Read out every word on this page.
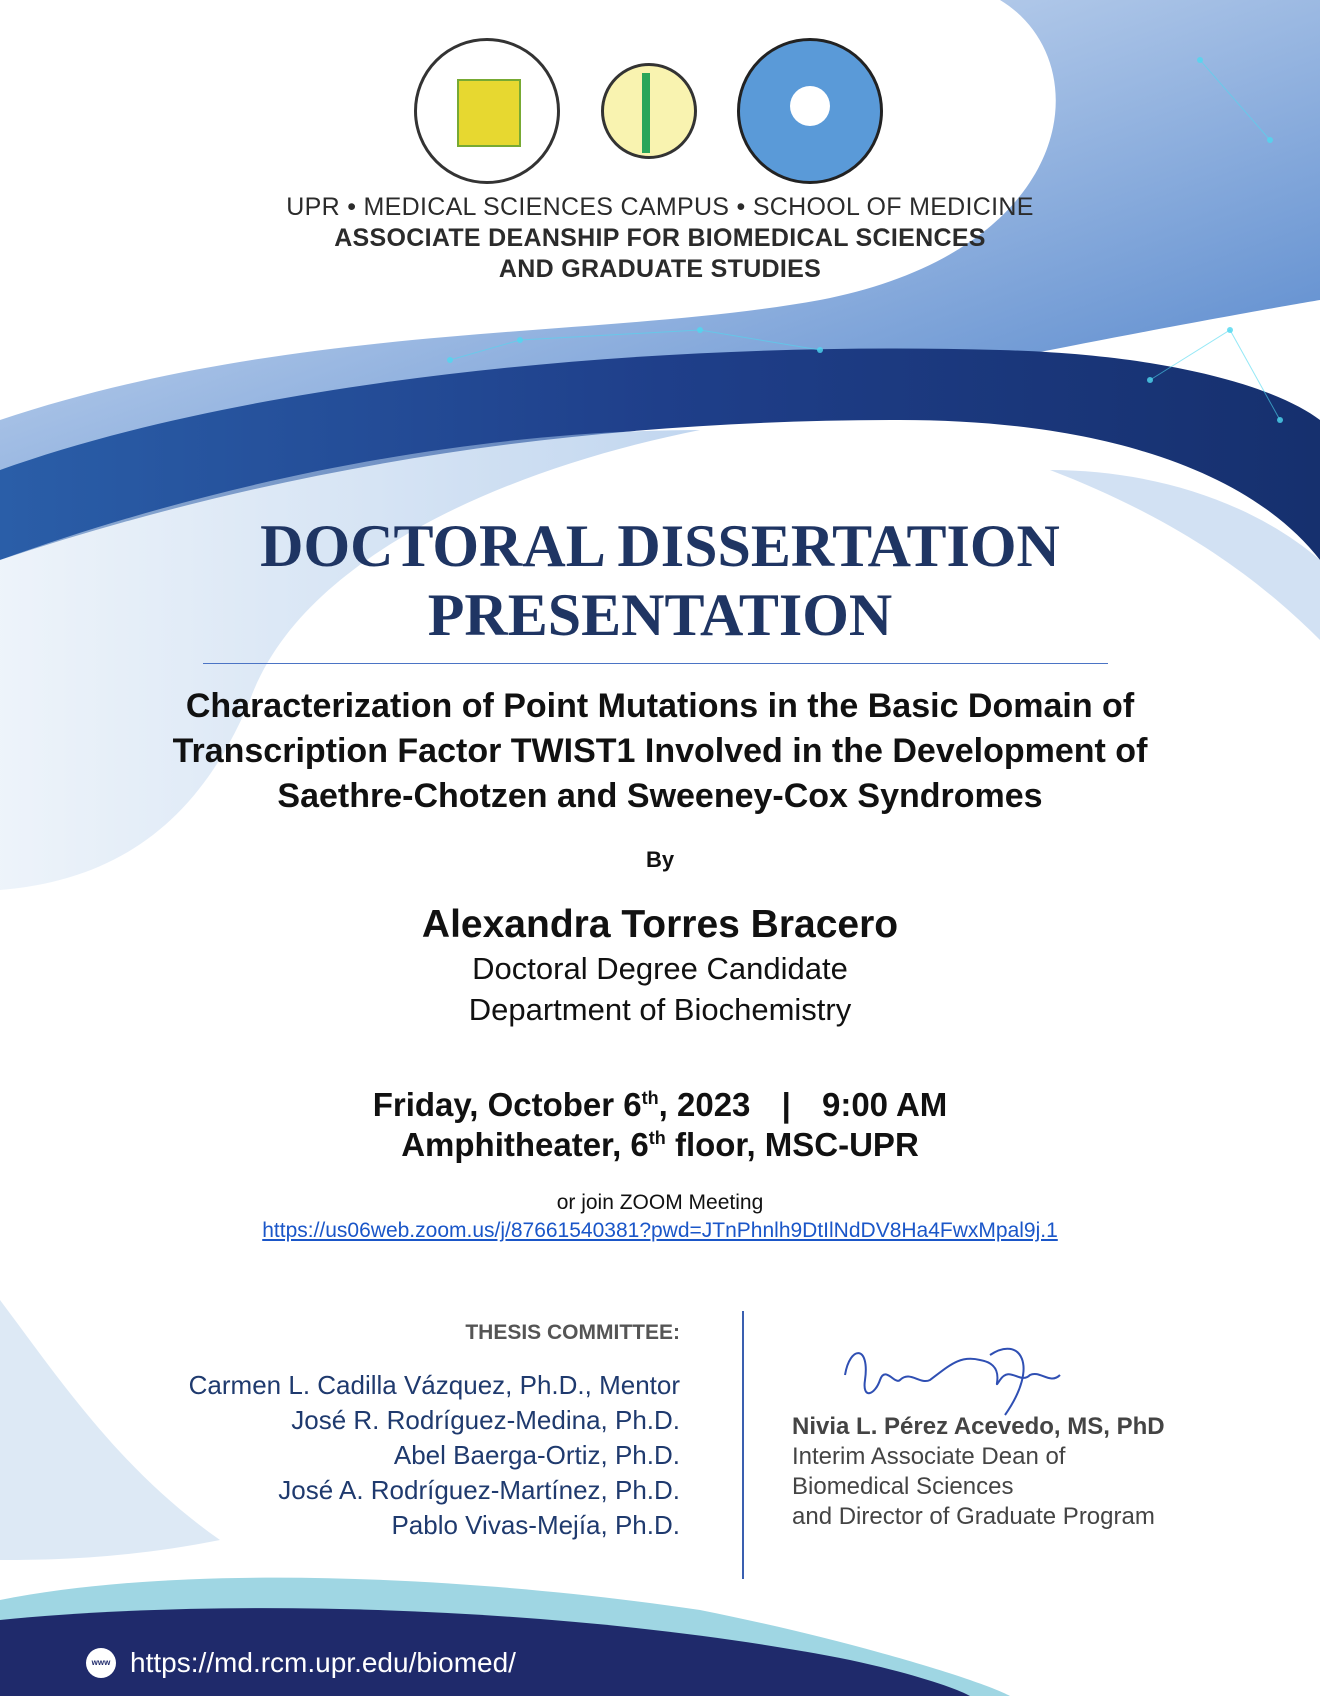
UPR • MEDICAL SCIENCES CAMPUS • SCHOOL OF MEDICINE
ASSOCIATE DEANSHIP FOR BIOMEDICAL SCIENCES
AND GRADUATE STUDIES
DOCTORAL DISSERTATION
PRESENTATION
Characterization of Point Mutations in the Basic Domain of
Transcription Factor TWIST1 Involved in the Development of
Saethre-Chotzen and Sweeney-Cox Syndromes
By
Alexandra Torres Bracero
Doctoral Degree Candidate
Department of Biochemistry
Friday, October 6th, 2023 | 9:00 AM
Amphitheater, 6th floor, MSC-UPR
or join ZOOM Meeting
https://us06web.zoom.us/j/87661540381?pwd=JTnPhnlh9DtIlNdDV8Ha4FwxMpal9j.1
THESIS COMMITTEE:
Carmen L. Cadilla Vázquez, Ph.D., Mentor
José R. Rodríguez-Medina, Ph.D.
Abel Baerga-Ortiz, Ph.D.
José A. Rodríguez-Martínez, Ph.D.
Pablo Vivas-Mejía, Ph.D.
Nivia L. Pérez Acevedo, MS, PhD
Interim Associate Dean of
Biomedical Sciences
and Director of Graduate Program
www https://md.rcm.upr.edu/biomed/
